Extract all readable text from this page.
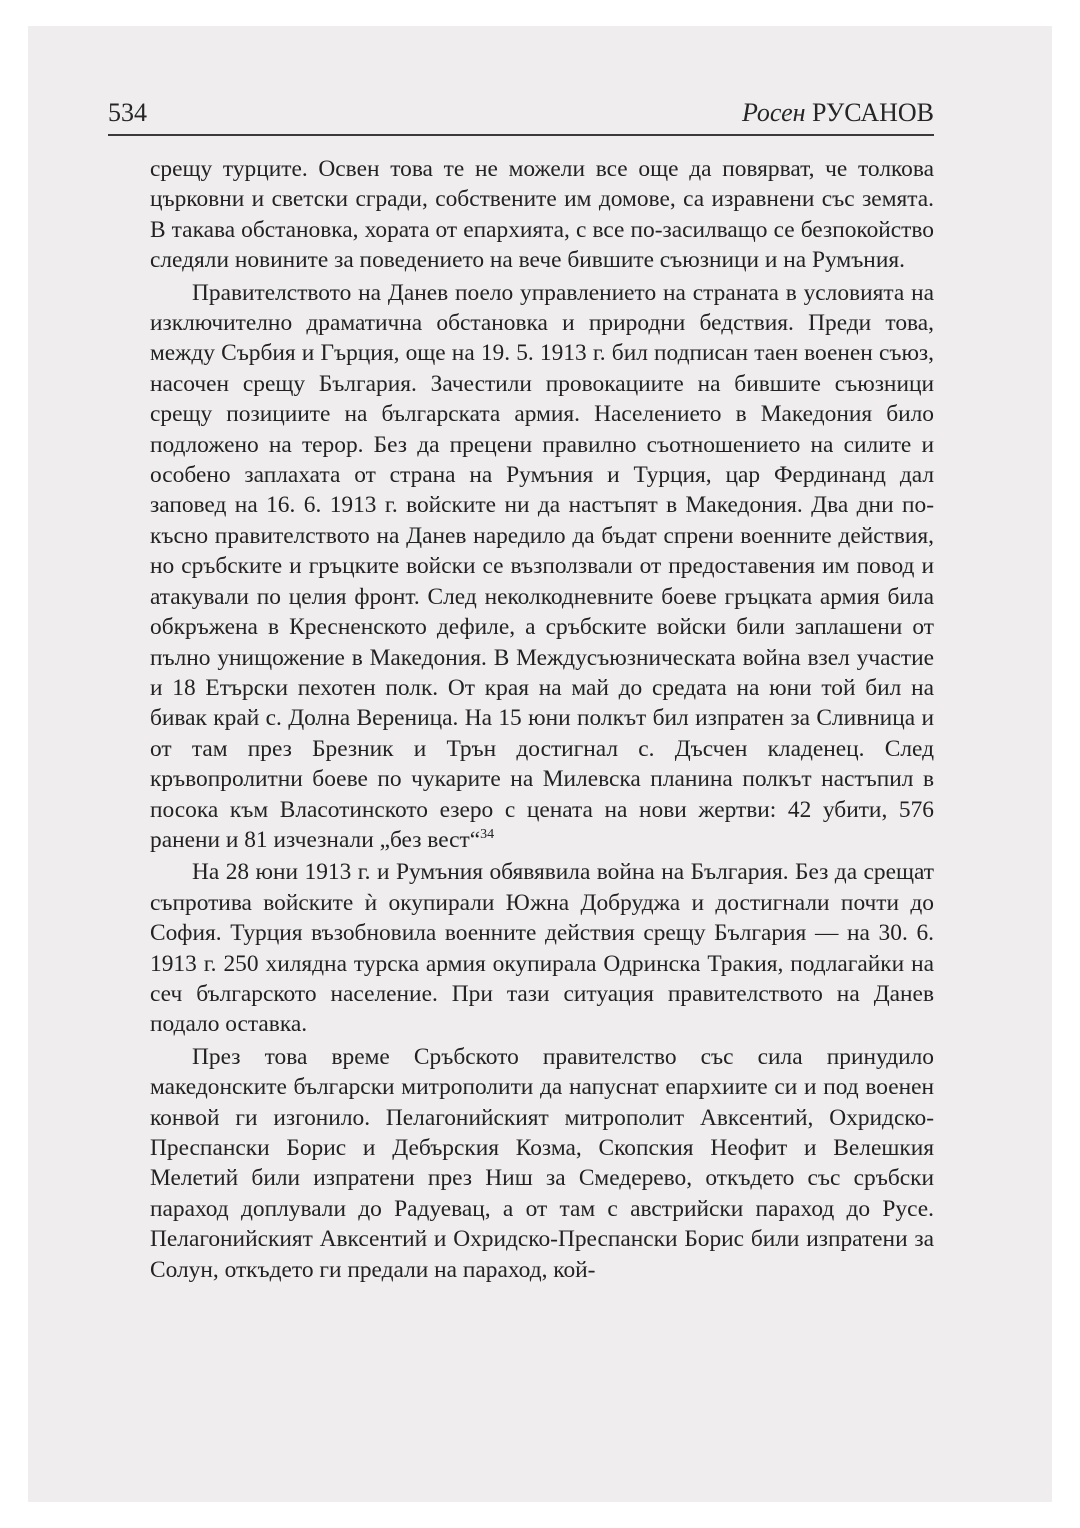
534	Росен РУСАНОВ

срещу турците. Освен това те не можели все още да повярват, че толкова църковни и светски сгради, собствените им домове, са изравнени със земята. В такава обстановка, хората от епархията, с все по-засилващо се безпокойство следяли новините за поведението на вече бившите съюзници и на Румъния.

Правителството на Данев поело управлението на страната в условията на изключително драматична обстановка и природни бедствия. Преди това, между Сърбия и Гърция, още на 19. 5. 1913 г. бил подписан таен военен съюз, насочен срещу България. Зачестили провокациите на бившите съюзници срещу позициите на българската армия. Населението в Македония било подложено на терор. Без да прецени правилно съотношението на силите и особено заплахата от страна на Румъния и Турция, цар Фердинанд дал заповед на 16. 6. 1913 г. войските ни да настъпят в Македония. Два дни по-късно правителството на Данев наредило да бъдат спрени военните действия, но сръбските и гръцките войски се възползвали от предоставения им повод и атакували по целия фронт. След неколкодневните боеве гръцката армия била обкръжена в Кресненското дефиле, а сръбските войски били заплашени от пълно унищожение в Македония. В Междусъюзническата война взел участие и 18 Етърски пехотен полк. От края на май до средата на юни той бил на бивак край с. Долна Вереница. На 15 юни полкът бил изпратен за Сливница и от там през Брезник и Трън достигнал с. Дъсчен кладенец. След кръвопролитни боеве по чукарите на Милевска планина полкът настъпил в посока към Власотинското езеро с цената на нови жертви: 42 убити, 576 ранени и 81 изчезнали „без вест“$^{34}$

На 28 юни 1913 г. и Румъния обявявила война на България. Без да срещат съпротива войските ѝ окупирали Южна Добруджа и достигнали почти до София. Турция възобновила военните действия срещу България — на 30. 6. 1913 г. 250 хилядна турска армия окупирала Одринска Тракия, подлагайки на сеч българското население. При тази ситуация правителството на Данев подало оставка.

През това време Сръбското правителство със сила принудило македонските български митрополити да напуснат епархиите си и под военен конвой ги изгонило. Пелагонийският митрополит Авксентий, Охридско-Преспански Борис и Дебърския Козма, Скопския Неофит и Велешкия Мелетий били изпратени през Ниш за Смедерево, откъдето със сръбски параход доплували до Радуевац, а от там с австрийски параход до Русе. Пелагонийският Авксентий и Охридско-Преспански Борис били изпратени за Солун, откъдето ги предали на параход, кой-
